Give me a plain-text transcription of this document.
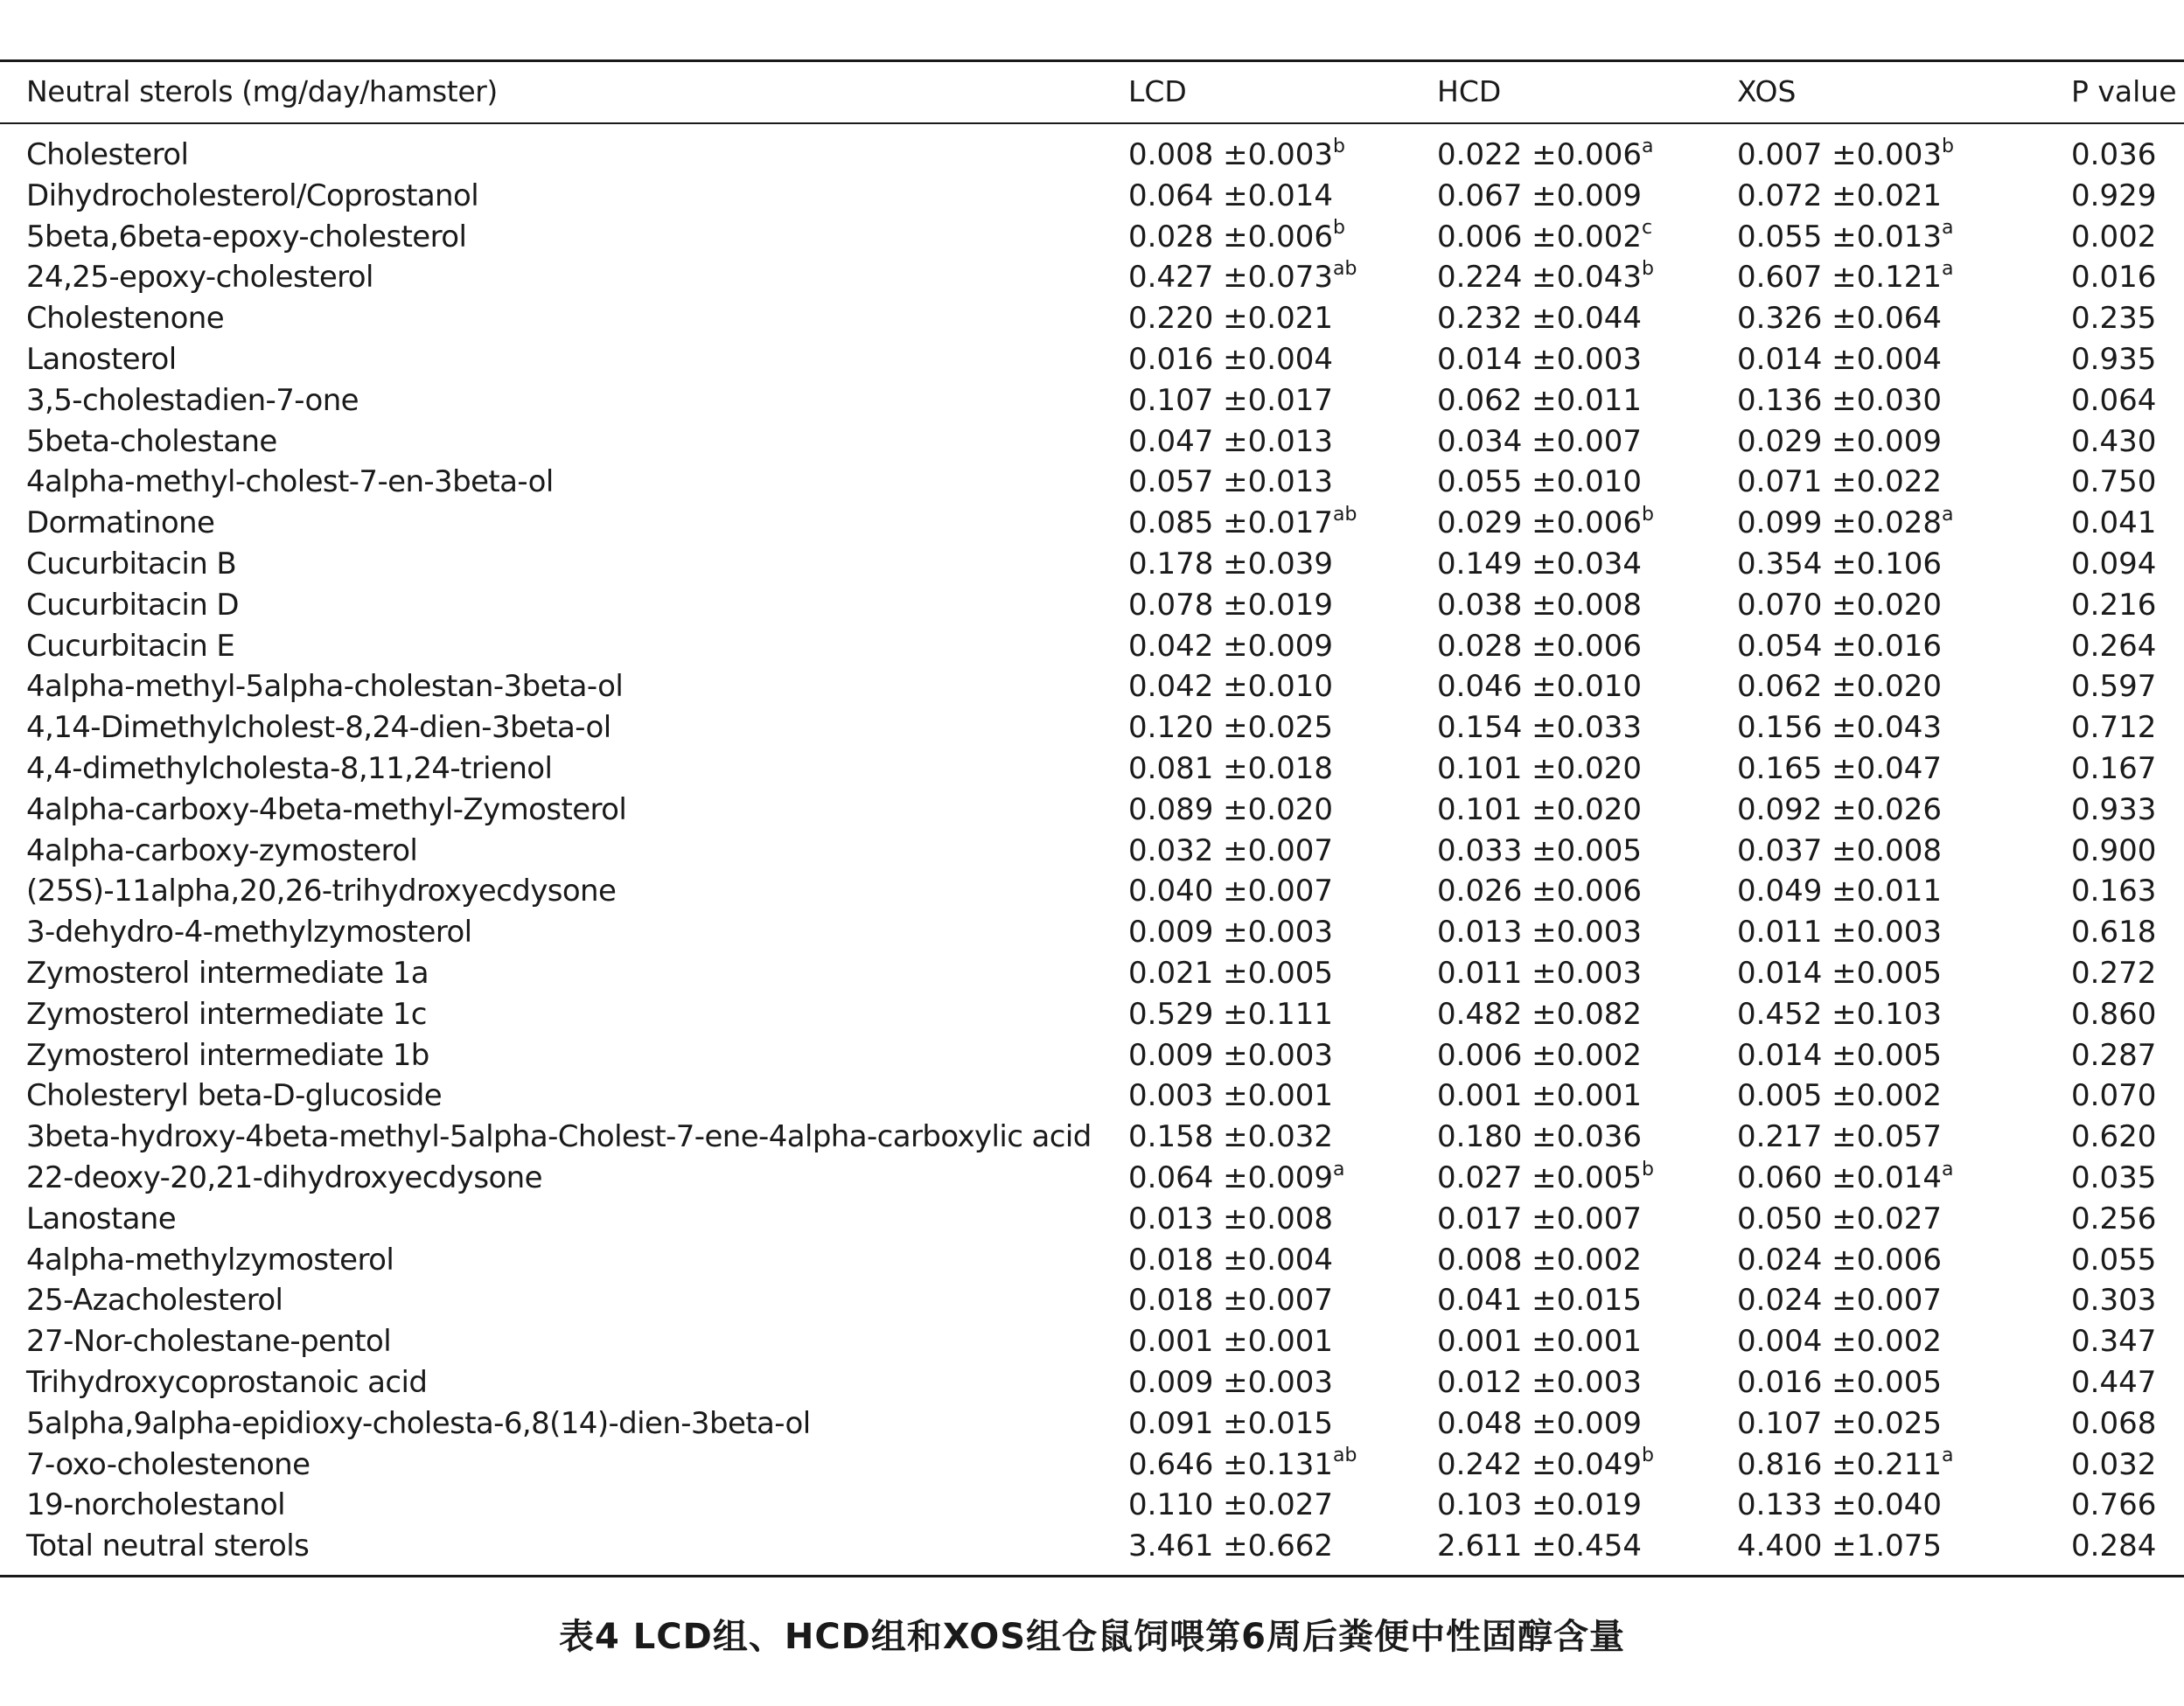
Neutral sterols (mg/day/hamster)	LCD	HCD	XOS	P value
Cholesterol	0.008 ±0.003$^b$	0.022 ±0.006$^a$	0.007 ±0.003$^b$	0.036
Dihydrocholesterol/Coprostanol	0.064 ±0.014	0.067 ±0.009	0.072 ±0.021	0.929
5beta,6beta-epoxy-cholesterol	0.028 ±0.006$^b$	0.006 ±0.002$^c$	0.055 ±0.013$^a$	0.002
24,25-epoxy-cholesterol	0.427 ±0.073$^{ab}$	0.224 ±0.043$^b$	0.607 ±0.121$^a$	0.016
Cholestenone	0.220 ±0.021	0.232 ±0.044	0.326 ±0.064	0.235
Lanosterol	0.016 ±0.004	0.014 ±0.003	0.014 ±0.004	0.935
3,5-cholestadien-7-one	0.107 ±0.017	0.062 ±0.011	0.136 ±0.030	0.064
5beta-cholestane	0.047 ±0.013	0.034 ±0.007	0.029 ±0.009	0.430
4alpha-methyl-cholest-7-en-3beta-ol	0.057 ±0.013	0.055 ±0.010	0.071 ±0.022	0.750
Dormatinone	0.085 ±0.017$^{ab}$	0.029 ±0.006$^b$	0.099 ±0.028$^a$	0.041
Cucurbitacin B	0.178 ±0.039	0.149 ±0.034	0.354 ±0.106	0.094
Cucurbitacin D	0.078 ±0.019	0.038 ±0.008	0.070 ±0.020	0.216
Cucurbitacin E	0.042 ±0.009	0.028 ±0.006	0.054 ±0.016	0.264
4alpha-methyl-5alpha-cholestan-3beta-ol	0.042 ±0.010	0.046 ±0.010	0.062 ±0.020	0.597
4,14-Dimethylcholest-8,24-dien-3beta-ol	0.120 ±0.025	0.154 ±0.033	0.156 ±0.043	0.712
4,4-dimethylcholesta-8,11,24-trienol	0.081 ±0.018	0.101 ±0.020	0.165 ±0.047	0.167
4alpha-carboxy-4beta-methyl-Zymosterol	0.089 ±0.020	0.101 ±0.020	0.092 ±0.026	0.933
4alpha-carboxy-zymosterol	0.032 ±0.007	0.033 ±0.005	0.037 ±0.008	0.900
(25S)-11alpha,20,26-trihydroxyecdysone	0.040 ±0.007	0.026 ±0.006	0.049 ±0.011	0.163
3-dehydro-4-methylzymosterol	0.009 ±0.003	0.013 ±0.003	0.011 ±0.003	0.618
Zymosterol intermediate 1a	0.021 ±0.005	0.011 ±0.003	0.014 ±0.005	0.272
Zymosterol intermediate 1c	0.529 ±0.111	0.482 ±0.082	0.452 ±0.103	0.860
Zymosterol intermediate 1b	0.009 ±0.003	0.006 ±0.002	0.014 ±0.005	0.287
Cholesteryl beta-D-glucoside	0.003 ±0.001	0.001 ±0.001	0.005 ±0.002	0.070
3beta-hydroxy-4beta-methyl-5alpha-Cholest-7-ene-4alpha-carboxylic acid 0.158 ±0.032	0.180 ±0.036	0.217 ±0.057	0.620
22-deoxy-20,21-dihydroxyecdysone	0.064 ±0.009$^a$	0.027 ±0.005$^b$	0.060 ±0.014$^a$	0.035
Lanostane	0.013 ±0.008	0.017 ±0.007	0.050 ±0.027	0.256
4alpha-methylzymosterol	0.018 ±0.004	0.008 ±0.002	0.024 ±0.006	0.055
25-Azacholesterol	0.018 ±0.007	0.041 ±0.015	0.024 ±0.007	0.303
27-Nor-cholestane-pentol	0.001 ±0.001	0.001 ±0.001	0.004 ±0.002	0.347
Trihydroxycoprostanoic acid	0.009 ±0.003	0.012 ±0.003	0.016 ±0.005	0.447
5alpha,9alpha-epidioxy-cholesta-6,8(14)-dien-3beta-ol	0.091 ±0.015	0.048 ±0.009	0.107 ±0.025	0.068
7-oxo-cholestenone	0.646 ±0.131$^{ab}$	0.242 ±0.049$^b$	0.816 ±0.211$^a$	0.032
19-norcholestanol	0.110 ±0.027	0.103 ±0.019	0.133 ±0.040	0.766
Total neutral sterols	3.461 ±0.662	2.611 ±0.454	4.400 ±1.075	0.284
表4 LCD组、HCD组和XOS组仓鼠饲喂第6周后粪便中性固醇含量
